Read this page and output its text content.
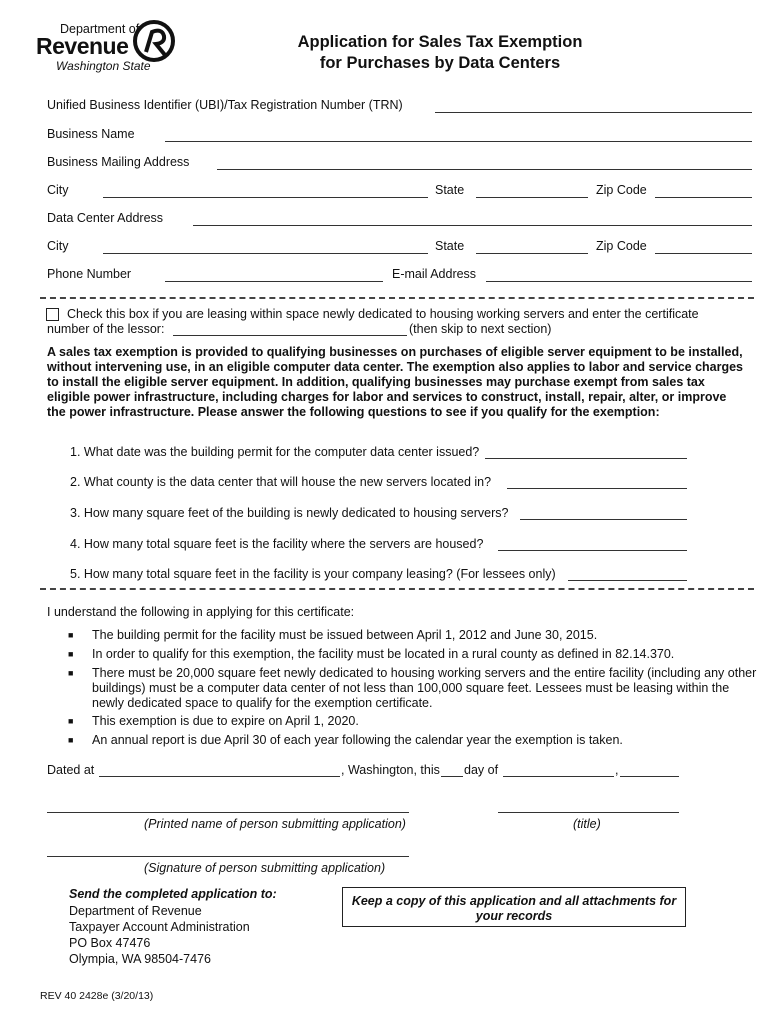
Department of
Revenue
Washington State
Application for Sales Tax Exemption
for Purchases by Data Centers
Unified Business Identifier (UBI)/Tax Registration Number (TRN)
Business Name
Business Mailing Address
City	State	Zip Code
Data Center Address
City	State	Zip Code
Phone Number	E-mail Address
Check this box if you are leasing within space newly dedicated to housing working servers and enter the certificate
number of the lessor:	(then skip to next section)
A sales tax exemption is provided to qualifying businesses on purchases of eligible server equipment to be installed, without intervening use, in an eligible computer data center. The exemption also applies to labor and service charges to install the eligible server equipment. In addition, qualifying businesses may purchase exempt from sales tax eligible power infrastructure, including charges for labor and services to construct, install, repair, alter, or improve the power infrastructure. Please answer the following questions to see if you qualify for the exemption:
1. What date was the building permit for the computer data center issued?
2. What county is the data center that will house the new servers located in?
3. How many square feet of the building is newly dedicated to housing servers?
4. How many total square feet is the facility where the servers are housed?
5. How many total square feet in the facility is your company leasing? (For lessees only)
I understand the following in applying for this certificate:
■ The building permit for the facility must be issued between April 1, 2012 and June 30, 2015.
■ In order to qualify for this exemption, the facility must be located in a rural county as defined in 82.14.370.
■ There must be 20,000 square feet newly dedicated to housing working servers and the entire facility (including any other buildings) must be a computer data center of not less than 100,000 square feet. Lessees must be leasing within the newly dedicated space to qualify for the exemption certificate.
■ This exemption is due to expire on April 1, 2020.
■ An annual report is due April 30 of each year following the calendar year the exemption is taken.
Dated at	, Washington, this day of	,
(Printed name of person submitting application)	(title)
(Signature of person submitting application)
Send the completed application to:
Department of Revenue
Taxpayer Account Administration
PO Box 47476
Olympia, WA 98504-7476
Keep a copy of this application and all attachments for your records
REV 40 2428e (3/20/13)
